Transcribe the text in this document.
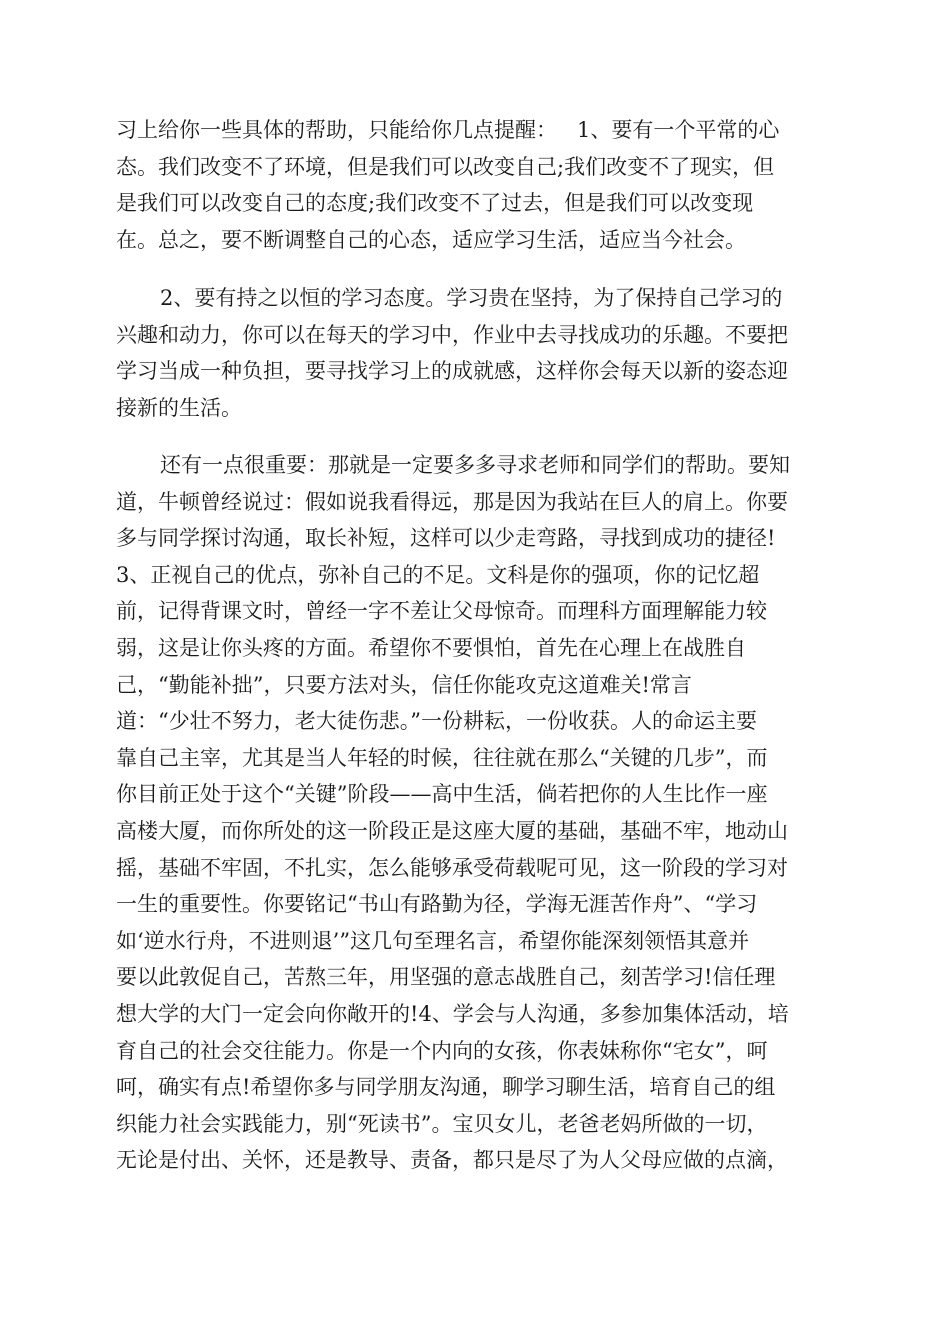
习上给你一些具体的帮助，只能给你几点提醒：   1、要有一个平常的心
态。我们改变不了环境，但是我们可以改变自己;我们改变不了现实，但
是我们可以改变自己的态度;我们改变不了过去，但是我们可以改变现
在。总之，要不断调整自己的心态，适应学习生活，适应当今社会。
2、要有持之以恒的学习态度。学习贵在坚持，为了保持自己学习的
兴趣和动力，你可以在每天的学习中，作业中去寻找成功的乐趣。不要把
学习当成一种负担，要寻找学习上的成就感，这样你会每天以新的姿态迎
接新的生活。
还有一点很重要：那就是一定要多多寻求老师和同学们的帮助。要知
道，牛顿曾经说过：假如说我看得远，那是因为我站在巨人的肩上。你要
多与同学探讨沟通，取长补短，这样可以少走弯路，寻找到成功的捷径!
3、正视自己的优点，弥补自己的不足。文科是你的强项，你的记忆超
前，记得背课文时，曾经一字不差让父母惊奇。而理科方面理解能力较
弱，这是让你头疼的方面。希望你不要惧怕，首先在心理上在战胜自
己，“勤能补拙”，只要方法对头，信任你能攻克这道难关!常言
道：“少壮不努力，老大徒伤悲。”一份耕耘，一份收获。人的命运主要
靠自己主宰，尤其是当人年轻的时候，往往就在那么“关键的几步”，而
你目前正处于这个“关键”阶段——高中生活，倘若把你的人生比作一座
高楼大厦，而你所处的这一阶段正是这座大厦的基础，基础不牢，地动山
摇，基础不牢固，不扎实，怎么能够承受荷载呢可见，这一阶段的学习对
一生的重要性。你要铭记“书山有路勤为径，学海无涯苦作舟”、“学习
如‘逆水行舟，不进则退’”这几句至理名言，希望你能深刻领悟其意并
要以此敦促自己，苦熬三年，用坚强的意志战胜自己，刻苦学习!信任理
想大学的大门一定会向你敞开的!4、学会与人沟通，多参加集体活动，培
育自己的社会交往能力。你是一个内向的女孩，你表妹称你“宅女”，呵
呵，确实有点!希望你多与同学朋友沟通，聊学习聊生活，培育自己的组
织能力社会实践能力，别“死读书”。宝贝女儿，老爸老妈所做的一切，
无论是付出、关怀，还是教导、责备，都只是尽了为人父母应做的点滴，
